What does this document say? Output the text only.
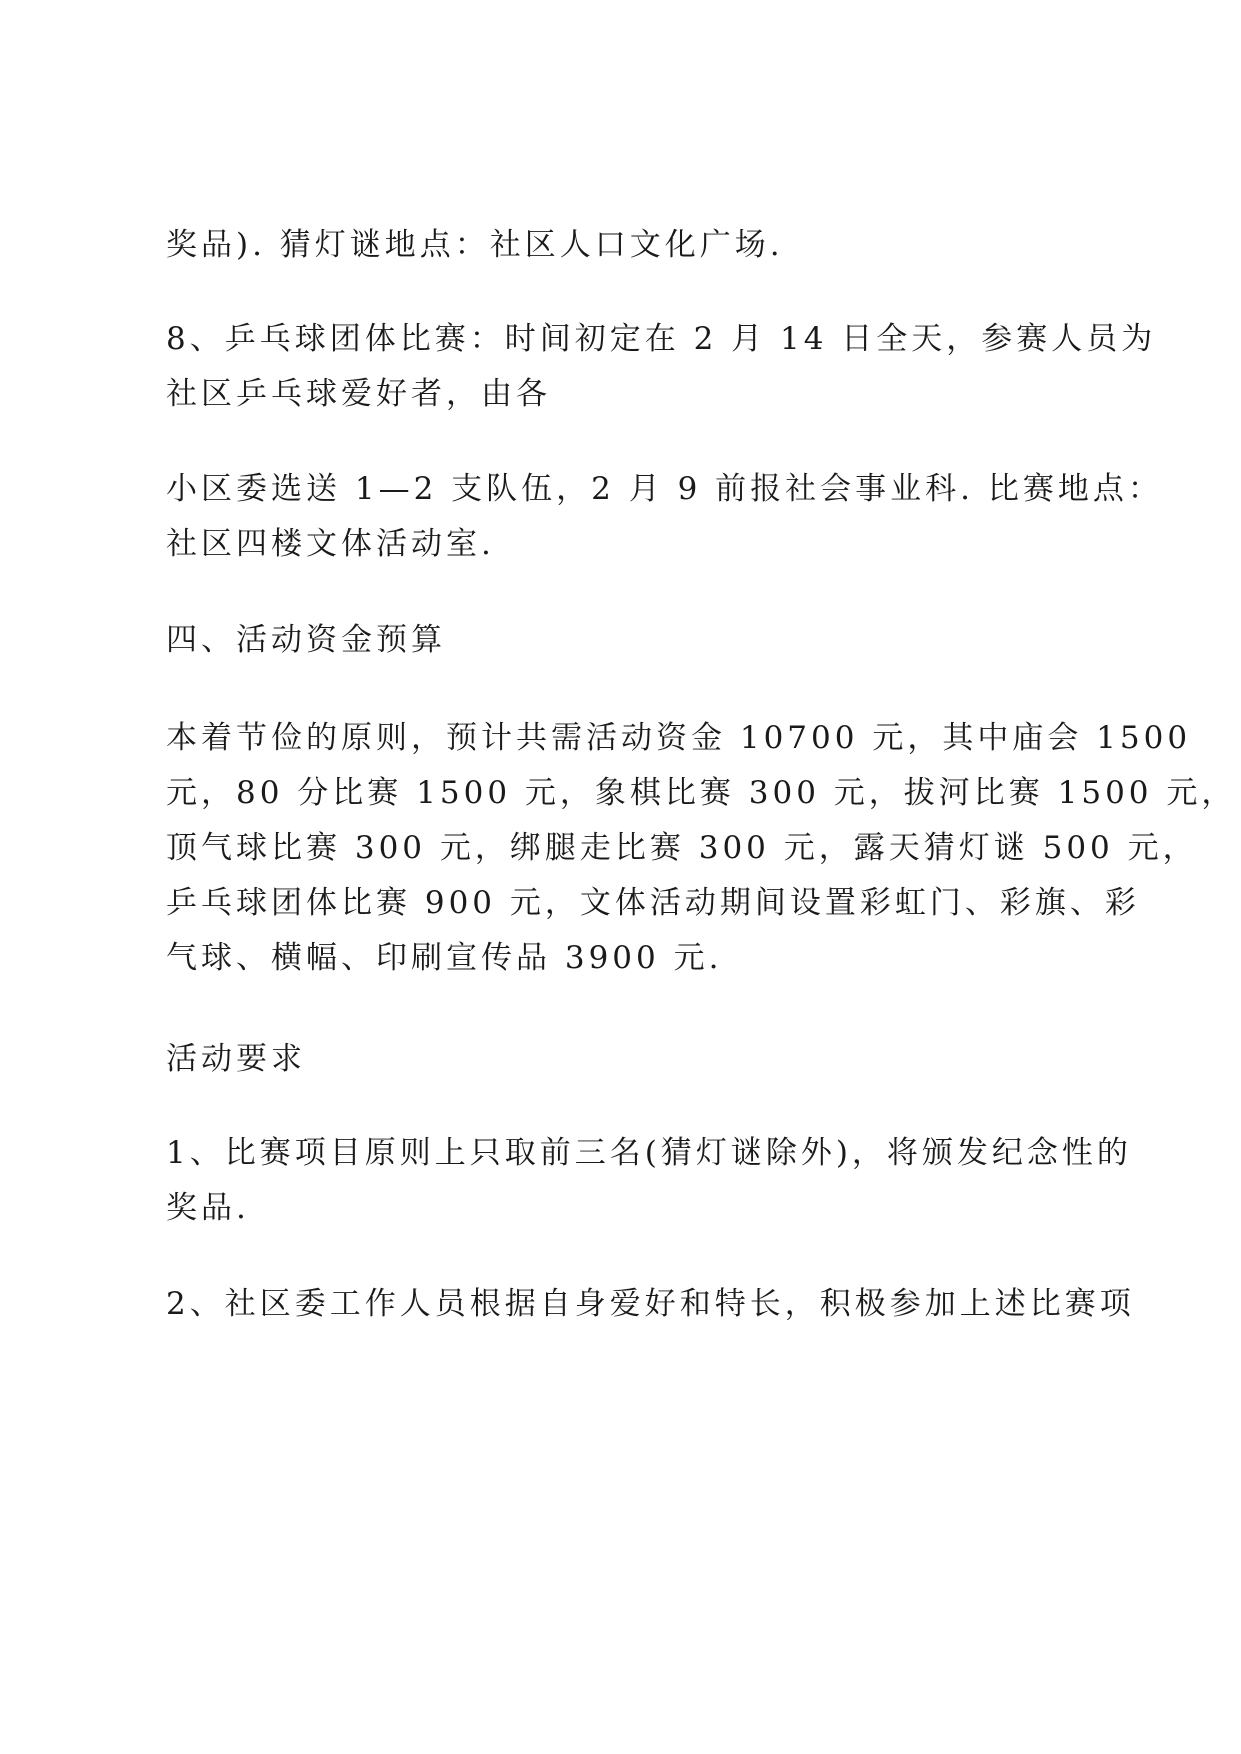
奖品). 猜灯谜地点：社区人口文化广场.

8、乒乓球团体比赛：时间初定在 2 月 14 日全天，参赛人员为
社区乒乓球爱好者，由各

小区委选送 1—2 支队伍，2 月 9 前报社会事业科. 比赛地点：
社区四楼文体活动室.

四、活动资金预算

本着节俭的原则，预计共需活动资金 10700 元，其中庙会 1500
元，80 分比赛 1500 元，象棋比赛 300 元，拔河比赛 1500 元，
顶气球比赛 300 元，绑腿走比赛 300 元，露天猜灯谜 500 元，
乒乓球团体比赛 900 元，文体活动期间设置彩虹门、彩旗、彩
气球、横幅、印刷宣传品 3900 元.

活动要求

1、比赛项目原则上只取前三名(猜灯谜除外)，将颁发纪念性的
奖品.

2、社区委工作人员根据自身爱好和特长，积极参加上述比赛项
